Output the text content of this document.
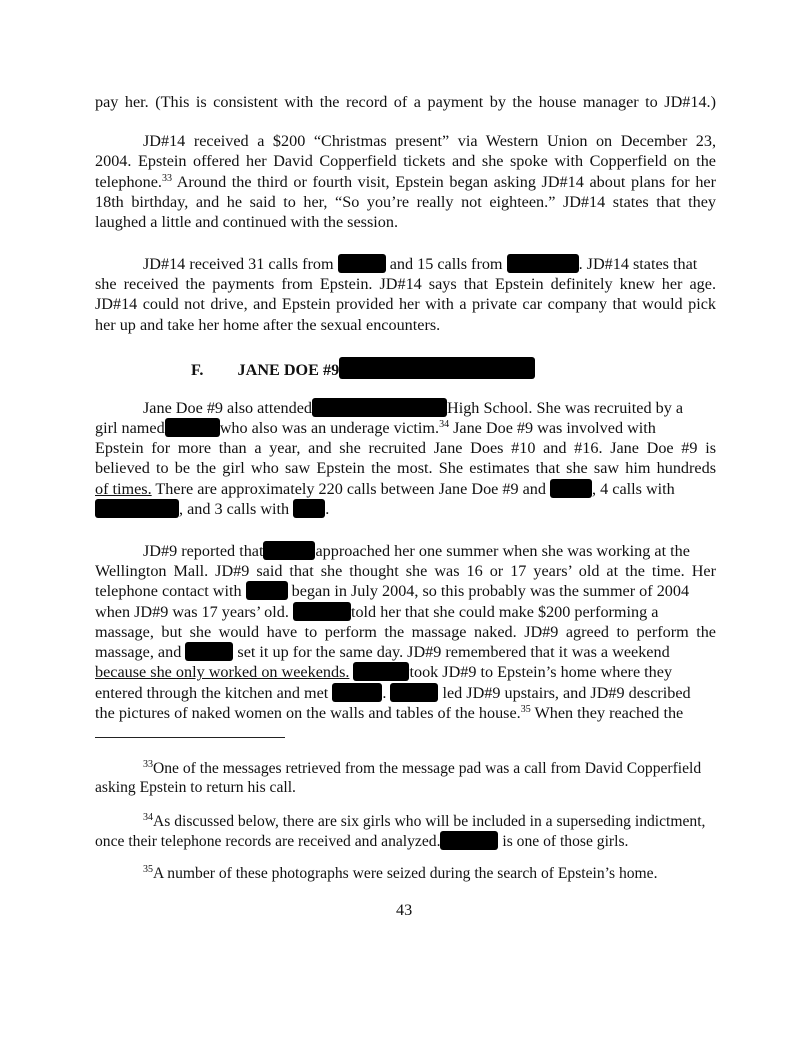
pay her. (This is consistent with the record of a payment by the house manager to JD#14.)
JD#14 received a $200 “Christmas present” via Western Union on December 23,
2004. Epstein offered her David Copperfield tickets and she spoke with Copperfield on the
telephone.$^{33}$ Around the third or fourth visit, Epstein began asking JD#14 about plans for her
18th birthday, and he said to her, “So you’re really not eighteen.” JD#14 states that they
laughed a little and continued with the session.
JD#14 received 31 calls from	and 15 calls from	. JD#14 states that
she received the payments from Epstein. JD#14 says that Epstein definitely knew her age.
JD#14 could not drive, and Epstein provided her with a private car company that would pick
her up and take her home after the sexual encounters.
F. JANE DOE #9
Jane Doe #9 also attended	High School. She was recruited by a
girl named	who also was an underage victim.$^{34}$ Jane Doe #9 was involved with
Epstein for more than a year, and she recruited Jane Does #10 and #16. Jane Doe #9 is
believed to be the girl who saw Epstein the most. She estimates that she saw him hundreds
of times. There are approximately 220 calls between Jane Doe #9 and	, 4 calls with
, and 3 calls with .
JD#9 reported that	approached her one summer when she was working at the
Wellington Mall. JD#9 said that she thought she was 16 or 17 years’ old at the time. Her
telephone contact with	began in July 2004, so this probably was the summer of 2004
when JD#9 was 17 years’ old.	told her that she could make $200 performing a
massage, but she would have to perform the massage naked. JD#9 agreed to perform the
massage, and	set it up for the same day. JD#9 remembered that it was a weekend
because she only worked on weekends.	took JD#9 to Epstein’s home where they
entered through the kitchen and met	.	led JD#9 upstairs, and JD#9 described
the pictures of naked women on the walls and tables of the house.$^{35}$ When they reached the
$^{33}$One of the messages retrieved from the message pad was a call from David Copperfield
asking Epstein to return his call.
$^{34}$As discussed below, there are six girls who will be included in a superseding indictment,
once their telephone records are received and analyzed.	is one of those girls.
$^{35}$A number of these photographs were seized during the search of Epstein’s home.
43
